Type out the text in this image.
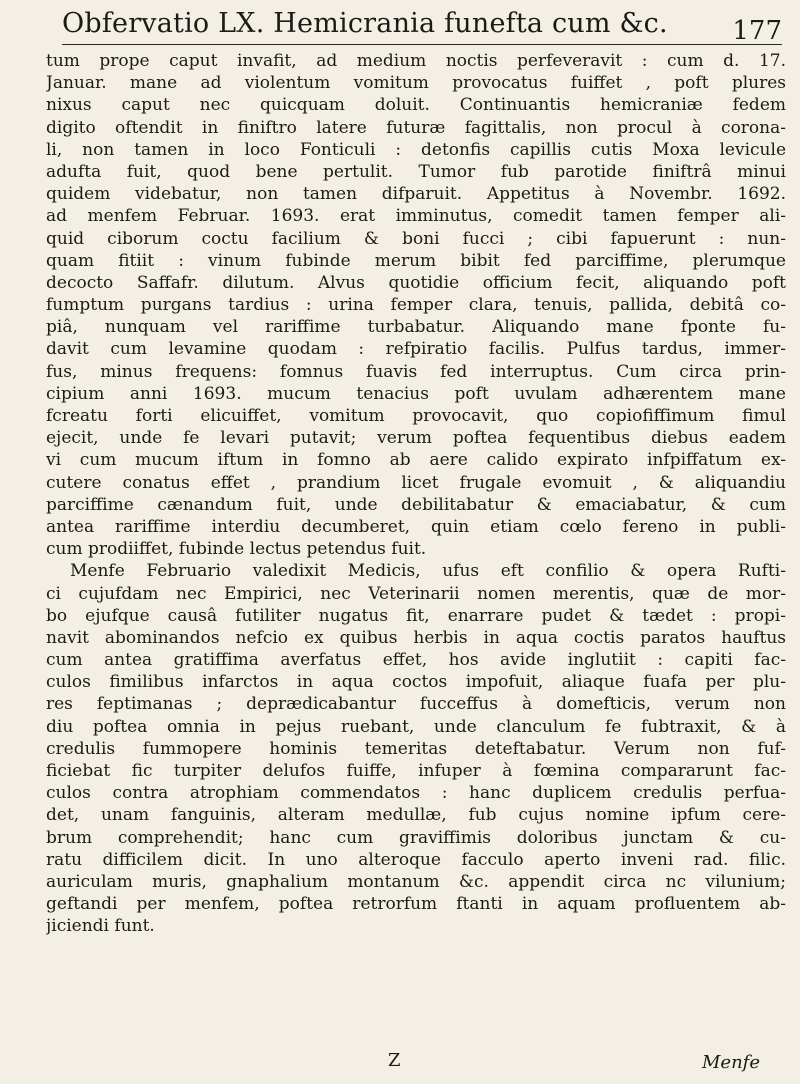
Obfervatio LX. Hemicrania funefta cum &c. 177
tum prope caput invafit, ad medium noctis perfeveravit : cum d. 17.
Januar. mane ad violentum vomitum provocatus fuiffet , poft plures
nixus caput nec quicquam doluit. Continuantis hemicraniæ fedem
digito oftendit in finiftro latere futuræ fagittalis, non procul à corona-
li, non tamen in loco Fonticuli : detonfis capillis cutis Moxa levicule
adufta fuit, quod bene pertulit. Tumor fub parotide finiftrâ minui
quidem videbatur, non tamen difparuit. Appetitus à Novembr. 1692.
ad menfem Februar. 1693. erat imminutus, comedit tamen femper ali-
quid ciborum coctu facilium & boni fucci ; cibi fapuerunt : nun-
quam fitiit : vinum fubinde merum bibit fed parciffime, plerumque
decocto Saffafr. dilutum. Alvus quotidie officium fecit, aliquando poft
fumptum purgans tardius : urina femper clara, tenuis, pallida, debitâ co-
piâ, nunquam vel rariffime turbabatur. Aliquando mane fponte fu-
davit cum levamine quodam : refpiratio facilis. Pulfus tardus, immer-
fus, minus frequens: fomnus fuavis fed interruptus. Cum circa prin-
cipium anni 1693. mucum tenacius poft uvulam adhærentem mane
fcreatu forti elicuiffet, vomitum provocavit, quo copiofiffimum fimul
ejecit, unde fe levari putavit; verum poftea fequentibus diebus eadem
vi cum mucum iftum in fomno ab aere calido expirato infpiffatum ex-
cutere conatus effet , prandium licet frugale evomuit , & aliquandiu
parciffime cænandum fuit, unde debilitabatur & emaciabatur, & cum
antea rariffime interdiu decumberet, quin etiam cœlo fereno in publi-
cum prodiiffet, fubinde lectus petendus fuit.
Menfe Februario valedixit Medicis, ufus eft confilio & opera Rufti-
ci cujufdam nec Empirici, nec Veterinarii nomen merentis, quæ de mor-
bo ejufque causâ futiliter nugatus fit, enarrare pudet & tædet : propi-
navit abominandos nefcio ex quibus herbis in aqua coctis paratos hauftus
cum antea gratiffima averfatus effet, hos avide inglutiit : capiti fac-
culos fimilibus infarctos in aqua coctos impofuit, aliaque fuafa per plu-
res feptimanas ; deprædicabantur fucceffus à domefticis, verum non
diu poftea omnia in pejus ruebant, unde clanculum fe fubtraxit, & à
credulis fummopere hominis temeritas deteftabatur. Verum non fuf-
ficiebat fic turpiter delufos fuiffe, infuper à fœmina compararunt fac-
culos contra atrophiam commendatos : hanc duplicem credulis perfua-
det, unam fanguinis, alteram medullæ, fub cujus nomine ipfum cere-
brum comprehendit; hanc cum graviffimis doloribus junctam & cu-
ratu difficilem dicit. In uno alteroque facculo aperto inveni rad. filic.
auriculam muris, gnaphalium montanum &c. appendit circa nc vilunium;
geftandi per menfem, poftea retrorfum ftanti in aquam profluentem ab-
jiciendi funt.
Z	Menfe
